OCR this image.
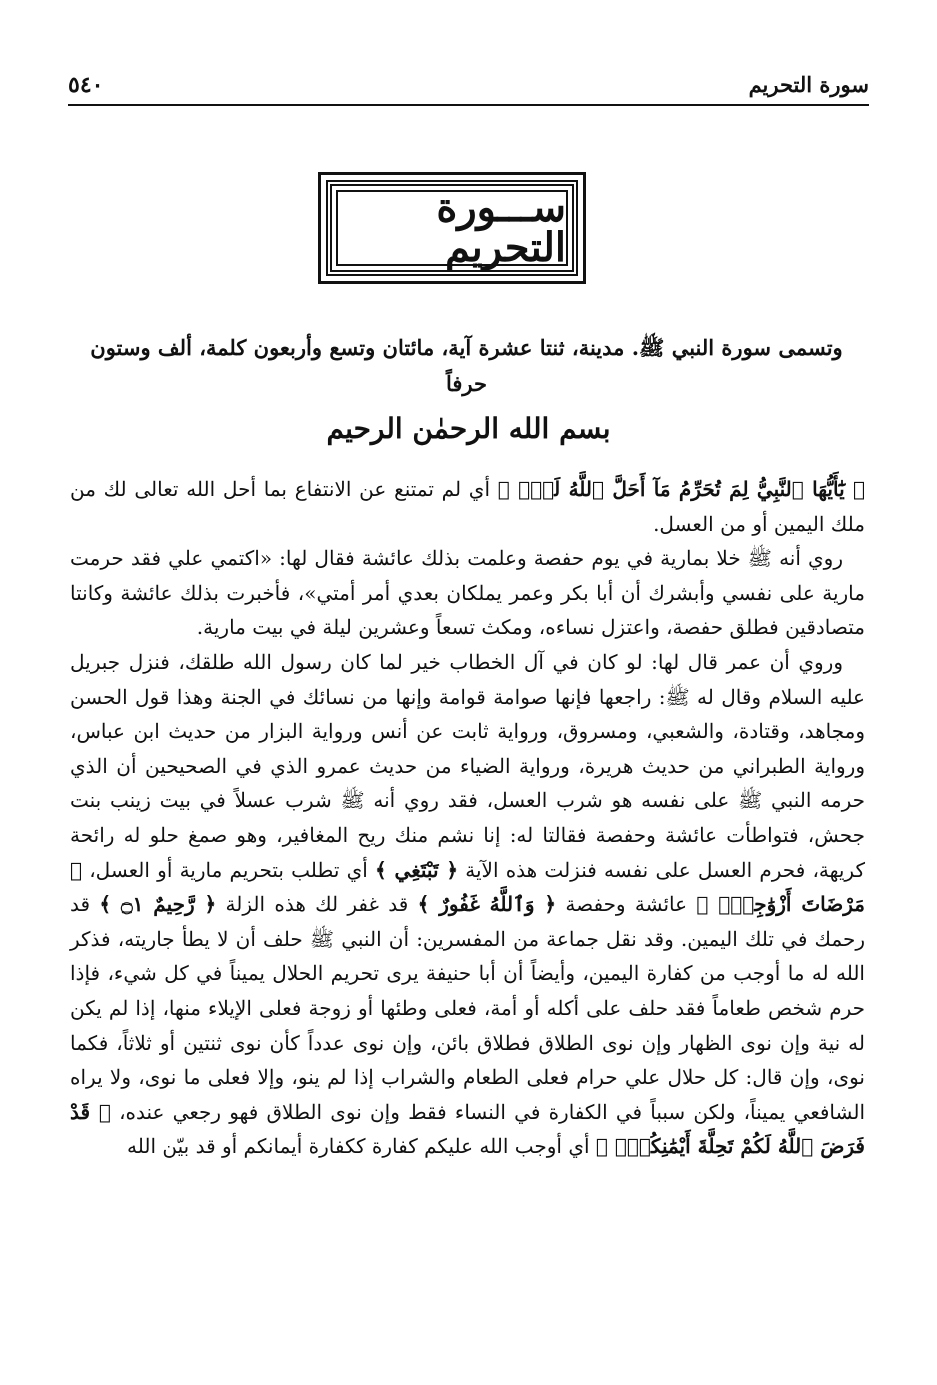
سورة التحريم
٥٤٠
ســـورة التحريم
وتسمى سورة النبي ﷺ. مدينة، ثنتا عشرة آية، مائتان وتسع وأربعون كلمة، ألف وستون حرفاً
بسم الله الرحمٰن الرحيم

﴿ يَٰٓأَيُّهَا ٱلنَّبِيُّ لِمَ تُحَرِّمُ مَآ أَحَلَّ ٱللَّهُ لَكَۖ ﴾ أي لم تمتنع عن الانتفاع بما أحل الله تعالى لك من ملك اليمين أو من العسل.

روي أنه ﷺ خلا بمارية في يوم حفصة وعلمت بذلك عائشة فقال لها: «اكتمي علي فقد حرمت مارية على نفسي وأبشرك أن أبا بكر وعمر يملكان بعدي أمر أمتي»، فأخبرت بذلك عائشة وكانتا متصادقين فطلق حفصة، واعتزل نساءه، ومكث تسعاً وعشرين ليلة في بيت مارية.

وروي أن عمر قال لها: لو كان في آل الخطاب خير لما كان رسول الله طلقك، فنزل جبريل عليه السلام وقال له ﷺ: راجعها فإنها صوامة قوامة وإنها من نسائك في الجنة وهذا قول الحسن ومجاهد، وقتادة، والشعبي، ومسروق، ورواية ثابت عن أنس ورواية البزار من حديث ابن عباس، ورواية الطبراني من حديث هريرة، ورواية الضياء من حديث عمرو الذي في الصحيحين أن الذي حرمه النبي ﷺ على نفسه هو شرب العسل، فقد روي أنه ﷺ شرب عسلاً في بيت زينب بنت جحش، فتواطأت عائشة وحفصة فقالتا له: إنا نشم منك ريح المغافير، وهو صمغ حلو له رائحة كريهة، فحرم العسل على نفسه فنزلت هذه الآية ﴿ تَبْتَغِي ﴾ أي تطلب بتحريم مارية أو العسل، ﴿ مَرْضَاتَ أَزْوَٰجِكَۚ ﴾ عائشة وحفصة ﴿ وَٱللَّهُ غَفُورٌ ﴾ قد غفر لك هذه الزلة ﴿ رَّحِيمٌ ۝١ ﴾ قد رحمك في تلك اليمين. وقد نقل جماعة من المفسرين: أن النبي ﷺ حلف أن لا يطأ جاريته، فذكر الله له ما أوجب من كفارة اليمين، وأيضاً أن أبا حنيفة يرى تحريم الحلال يميناً في كل شيء، فإذا حرم شخص طعاماً فقد حلف على أكله أو أمة، فعلى وطئها أو زوجة فعلى الإيلاء منها، إذا لم يكن له نية وإن نوى الظهار وإن نوى الطلاق فطلاق بائن، وإن نوى عدداً كأن نوى ثنتين أو ثلاثاً، فكما نوى، وإن قال: كل حلال علي حرام فعلى الطعام والشراب إذا لم ينو، وإلا فعلى ما نوى، ولا يراه الشافعي يميناً، ولكن سبباً في الكفارة في النساء فقط وإن نوى الطلاق فهو رجعي عنده، ﴿ قَدْ فَرَضَ ٱللَّهُ لَكُمْ تَحِلَّةَ أَيْمَٰنِكُمْۚ ﴾ أي أوجب الله عليكم كفارة ككفارة أيمانكم أو قد بيّن الله
